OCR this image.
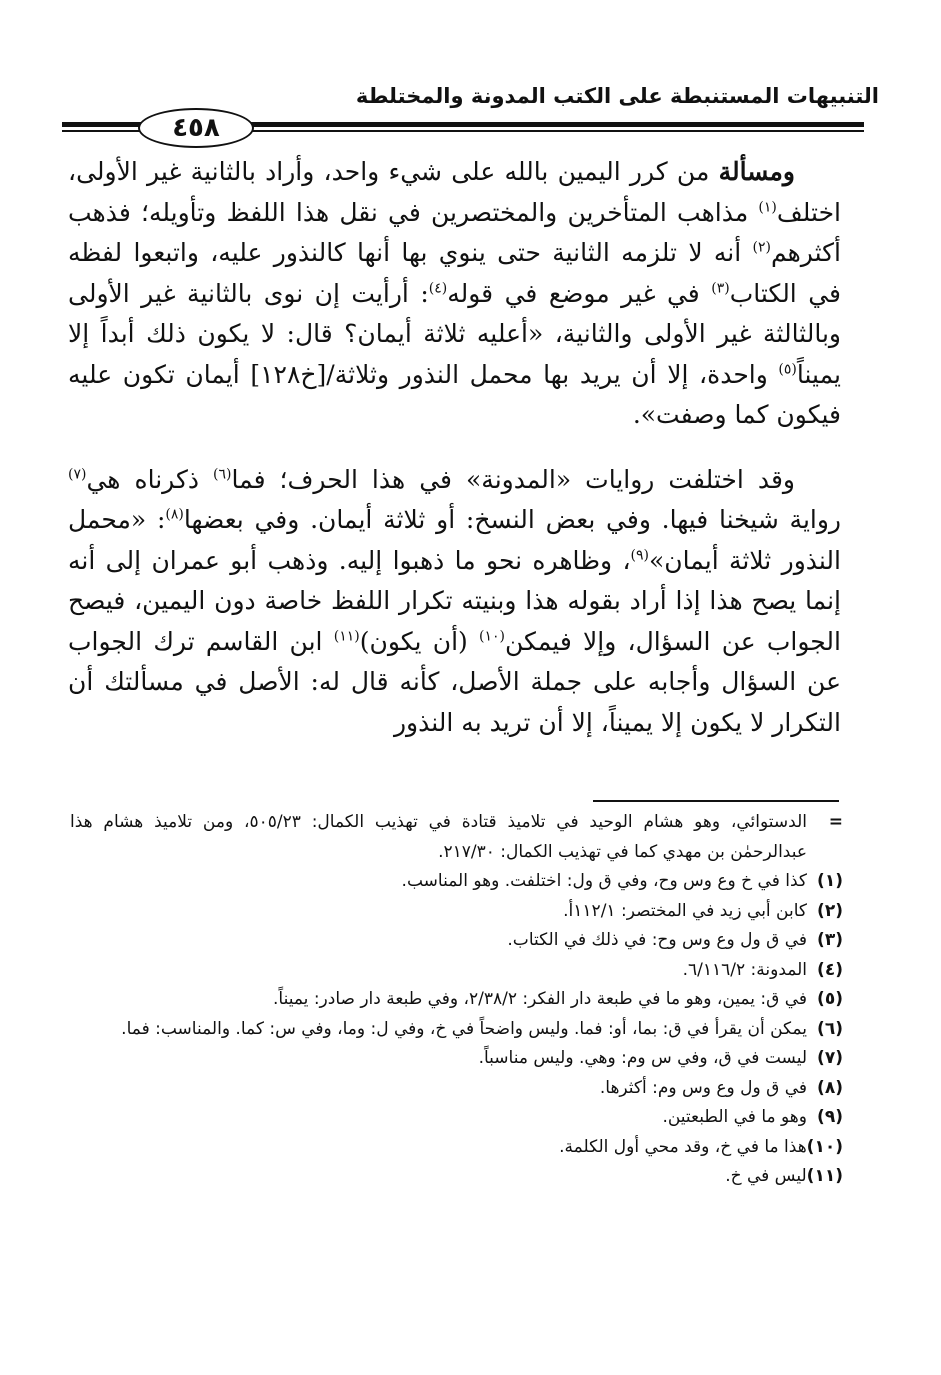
التنبيهات المستنبطة على الكتب المدونة والمختلطة
٤٥٨

ومسألة من كرر اليمين بالله على شيء واحد، وأراد بالثانية غير الأولى، اختلف$^{(١)}$ مذاهب المتأخرين والمختصرين في نقل هذا اللفظ وتأويله؛ فذهب أكثرهم$^{(٢)}$ أنه لا تلزمه الثانية حتى ينوي بها أنها كالنذور عليه، واتبعوا لفظه في الكتاب$^{(٣)}$ في غير موضع في قوله$^{(٤)}$: أرأيت إن نوى بالثانية غير الأولى وبالثالثة غير الأولى والثانية، «أعليه ثلاثة أيمان؟ قال: لا يكون ذلك أبداً إلا يميناً$^{(٥)}$ واحدة، إلا أن يريد بها محمل النذور وثلاثة/[خ١٢٨] أيمان تكون عليه فيكون كما وصفت».

وقد اختلفت روايات «المدونة» في هذا الحرف؛ فما$^{(٦)}$ ذكرناه هي$^{(٧)}$ رواية شيخنا فيها. وفي بعض النسخ: أو ثلاثة أيمان. وفي بعضها$^{(٨)}$: «محمل النذور ثلاثة أيمان»$^{(٩)}$، وظاهره نحو ما ذهبوا إليه. وذهب أبو عمران إلى أنه إنما يصح هذا إذا أراد بقوله هذا وبنيته تكرار اللفظ خاصة دون اليمين، فيصح الجواب عن السؤال، وإلا فيمكن$^{(١٠)}$ (أن يكون)$^{(١١)}$ ابن القاسم ترك الجواب عن السؤال وأجابه على جملة الأصل، كأنه قال له: الأصل في مسألتك أن التكرار لا يكون إلا يميناً، إلا أن تريد به النذور

=
الدستوائي، وهو هشام الوحيد في تلاميذ قتادة في تهذيب الكمال: ٥٠٥/٢٣، ومن تلاميذ هشام هذا عبدالرحمٰن بن مهدي كما في تهذيب الكمال: ٢١٧/٣٠.
(١)
كذا في خ وع وس وح، وفي ق ول: اختلفت. وهو المناسب.
(٢)
كابن أبي زيد في المختصر: ١١٢/١أ.
(٣)
في ق ول وع وس وح: في ذلك في الكتاب.
(٤)
المدونة: ٦/١١٦/٢.
(٥)
في ق: يمين، وهو ما في طبعة دار الفكر: ٢/٣٨/٢، وفي طبعة دار صادر: يميناً.
(٦)
يمكن أن يقرأ في ق: بما، أو: فما. وليس واضحاً في خ، وفي ل: وما، وفي س: كما. والمناسب: فما.
(٧)
ليست في ق، وفي س وم: وهي. وليس مناسباً.
(٨)
في ق ول وع وس وم: أكثرها.
(٩)
وهو ما في الطبعتين.
(١٠)
هذا ما في خ، وقد محي أول الكلمة.
(١١)
ليس في خ.
